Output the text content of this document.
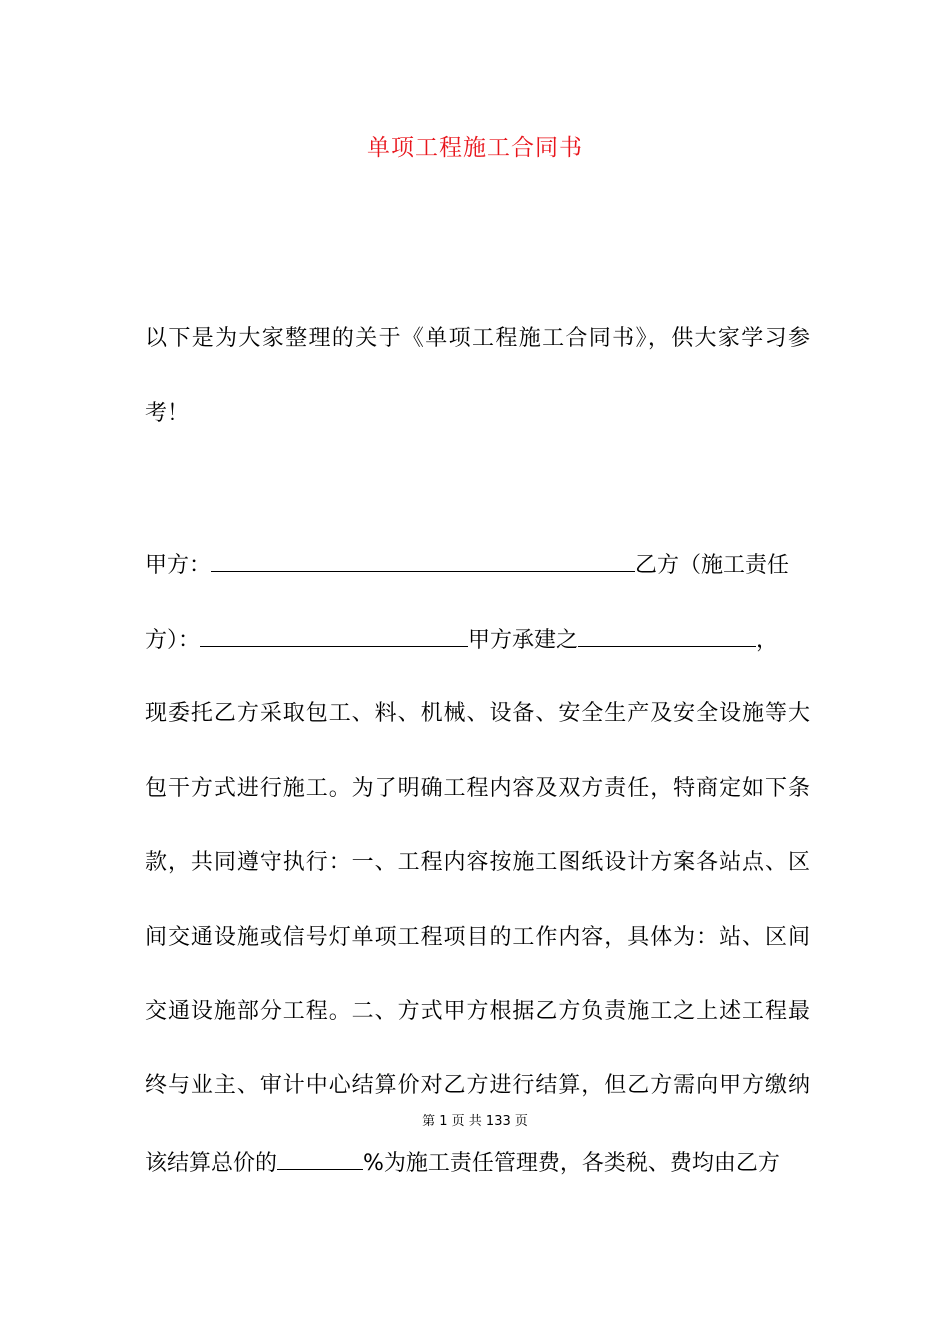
单项工程施工合同书
以下是为大家整理的关于《单项工程施工合同书》，供大家学习参
考！
甲方：	乙方（施工责任
方）：	甲方承建之	，
现委托乙方采取包工、料、机械、设备、安全生产及安全设施等大
包干方式进行施工。为了明确工程内容及双方责任，特商定如下条
款，共同遵守执行：一、工程内容按施工图纸设计方案各站点、区
间交通设施或信号灯单项工程项目的工作内容，具体为：站、区间
交通设施部分工程。二、方式甲方根据乙方负责施工之上述工程最
终与业主、审计中心结算价对乙方进行结算，但乙方需向甲方缴纳
第 1 页 共 133 页
该结算总价的	%为施工责任管理费，各类税、费均由乙方
